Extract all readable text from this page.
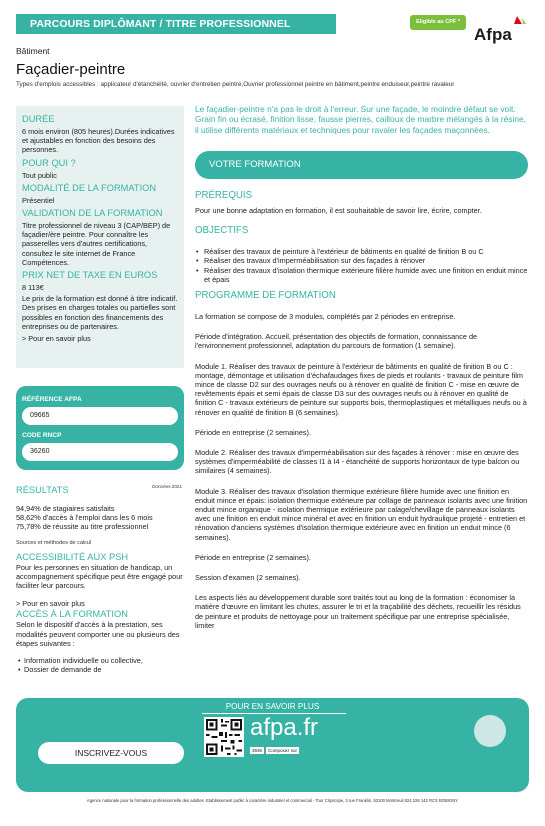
PARCOURS DIPLÔMANT / TITRE PROFESSIONNEL	Eligible au CPF *
Afpa
Bâtiment
Façadier-peintre
Types d'emplois accessibles : applicateur d'étanchéité, ouvrier d'entretien peintre,Ouvrier professionnel peintre en bâtiment,peintre enduiseur,peintre ravaleur
DURÉE
6 mois environ (805 heures).Durées indicatives et ajustables en fonction des besoins des personnes.
POUR QUI ?
Tout public
MODALITÉ DE LA FORMATION
Présentiel
VALIDATION DE LA FORMATION
Titre professionnel de niveau 3 (CAP/BEP) de façadier/ère peintre. Pour connaître les passerelles vers d'autres certifications, consultez le site internet de France Compétences.
PRIX NET DE TAXE EN EUROS
8 113€
Le prix de la formation est donné à titre indicatif. Des prises en charges totales ou partielles sont possibles en fonction des financements des entreprises ou de partenaires.
> Pour en savoir plus
RÉFÉRENCE AFPA
09665
CODE RNCP
36260
RÉSULTATS	Données 2021
94,94% de stagiaires satisfaits
58,62% d'accès à l'emploi dans les 6 mois
75,78% de réussite au titre professionnel
Sources et méthodes de calcul
ACCESSIBILITÉ AUX PSH
Pour les personnes en situation de handicap, un accompagnement spécifique peut être engagé pour faciliter leur parcours.
> Pour en savoir plus
ACCÈS À LA FORMATION
Selon le dispositif d'accès à la prestation, ses modalités peuvent comporter une ou plusieurs des étapes suivantes :
• Information individuelle ou collective,
• Dossier de demande de
Le façadier-peintre n'a pas le droit à l'erreur. Sur une façade, le moindre défaut se voit. Grain fin ou écrasé, finition lisse, fausse pierres, cailloux de marbre mélangés à la résine, il utilise différents matériaux et techniques pour ravaler les façades maçonnées.
VOTRE FORMATION
PRÉREQUIS
Pour une bonne adaptation en formation, il est souhaitable de savoir lire, écrire, compter.
OBJECTIFS
• Réaliser des travaux de peinture à l'extérieur de bâtiments en qualité de finition B ou C
• Réaliser des travaux d'imperméabilisation sur des façades à rénover
• Réaliser des travaux d'isolation thermique extérieure filière humide avec une finition en enduit mince et épais
PROGRAMME DE FORMATION
La formation se compose de 3 modules, complétés par 2 périodes en entreprise.
Période d'intégration. Accueil, présentation des objectifs de formation, connaissance de l'environnement professionnel, adaptation du parcours de formation (1 semaine).
Module 1. Réaliser des travaux de peinture à l'extérieur de bâtiments en qualité de finition B ou C : montage, démontage et utilisation d'échafaudages fixes de pieds et roulants - travaux de peinture film mince de classe D2 sur des ouvrages neufs ou à rénover en qualité de finition C - mise en œuvre de revêtements épais et semi épais de classe D3 sur des ouvrages neufs ou à rénover en qualité de finition C - travaux extérieurs de peinture sur supports bois, thermoplastiques et métalliques neufs ou à rénover en qualité de finition B (6 semaines).
Période en entreprise (2 semaines).
Module 2. Réaliser des travaux d'imperméabilisation sur des façades à rénover : mise en œuvre des systèmes d'imperméabilité de classes I1 à I4 - étanchéité de supports horizontaux de type balcon ou similaires (4 semaines).
Module 3. Réaliser des travaux d'isolation thermique extérieure filière humide avec une finition en enduit mince et épais: isolation thermique extérieure par collage de panneaux isolants avec une finition enduit mince organique - isolation thermique extérieure par calage/chevillage de panneaux isolants avec une finition en enduit mince minéral et avec en finition un enduit hydraulique projeté - entretien et rénovation d'anciens systèmes d'isolation thermique extérieure avec en finition un enduit mince (6 semaines).
Période en entreprise (2 semaines).
Session d'examen (2 semaines).
Les aspects liés au développement durable sont traités tout au long de la formation : économiser la matière d'œuvre en limitant les chutes, assurer le tri et la traçabilité des déchets, recueillir les résidus de peinture et produits de nettoyage pour un traitement spécifique par une entreprise spécialisée, limiter
POUR EN SAVOIR PLUS
INSCRIVEZ-VOUS
afpa.fr
3936	Composez sur
Agence nationale pour la formation professionnelle des adultes. Etablissement public à caractère industriel et commercial - Tour Cityscope, 3 rue Franklin, 93100 Montreuil 824 226 142 RCS BOBIGNY
